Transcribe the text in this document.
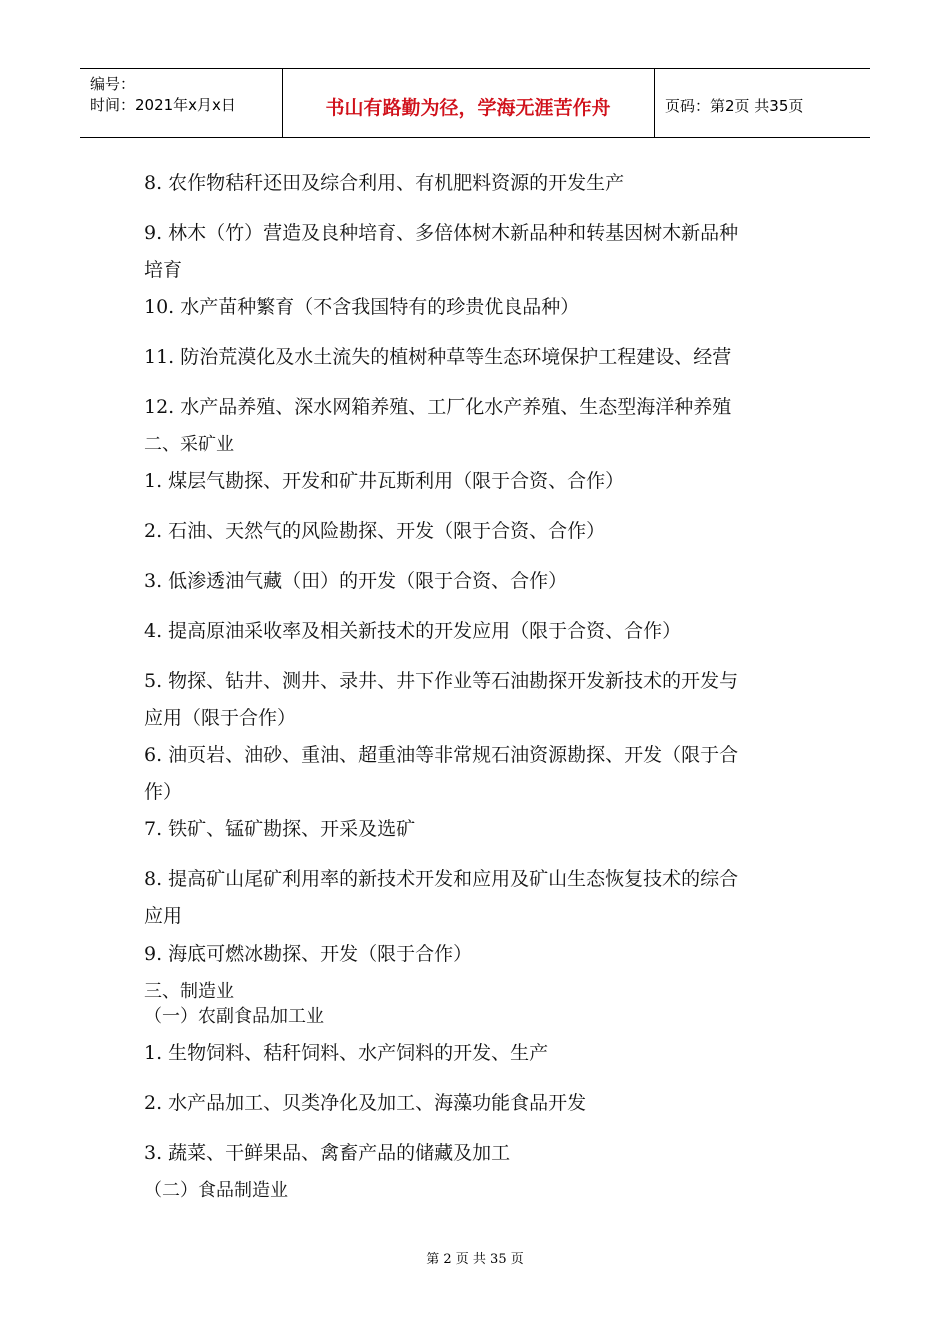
编号：
时间：2021年x月x日	书山有路勤为径，学海无涯苦作舟	页码：第2页 共35页
8. 农作物秸秆还田及综合利用、有机肥料资源的开发生产
9. 林木（竹）营造及良种培育、多倍体树木新品种和转基因树木新品种
培育
10. 水产苗种繁育（不含我国特有的珍贵优良品种）
11. 防治荒漠化及水土流失的植树种草等生态环境保护工程建设、经营
12. 水产品养殖、深水网箱养殖、工厂化水产养殖、生态型海洋种养殖
二、采矿业
1. 煤层气勘探、开发和矿井瓦斯利用（限于合资、合作）
2. 石油、天然气的风险勘探、开发（限于合资、合作）
3. 低渗透油气藏（田）的开发（限于合资、合作）
4. 提高原油采收率及相关新技术的开发应用（限于合资、合作）
5. 物探、钻井、测井、录井、井下作业等石油勘探开发新技术的开发与
应用（限于合作）
6. 油页岩、油砂、重油、超重油等非常规石油资源勘探、开发（限于合
作）
7. 铁矿、锰矿勘探、开采及选矿
8. 提高矿山尾矿利用率的新技术开发和应用及矿山生态恢复技术的综合
应用
9. 海底可燃冰勘探、开发（限于合作）
三、制造业
（一）农副食品加工业
1. 生物饲料、秸秆饲料、水产饲料的开发、生产
2. 水产品加工、贝类净化及加工、海藻功能食品开发
3. 蔬菜、干鲜果品、禽畜产品的储藏及加工
（二）食品制造业
第 2 页 共 35 页
